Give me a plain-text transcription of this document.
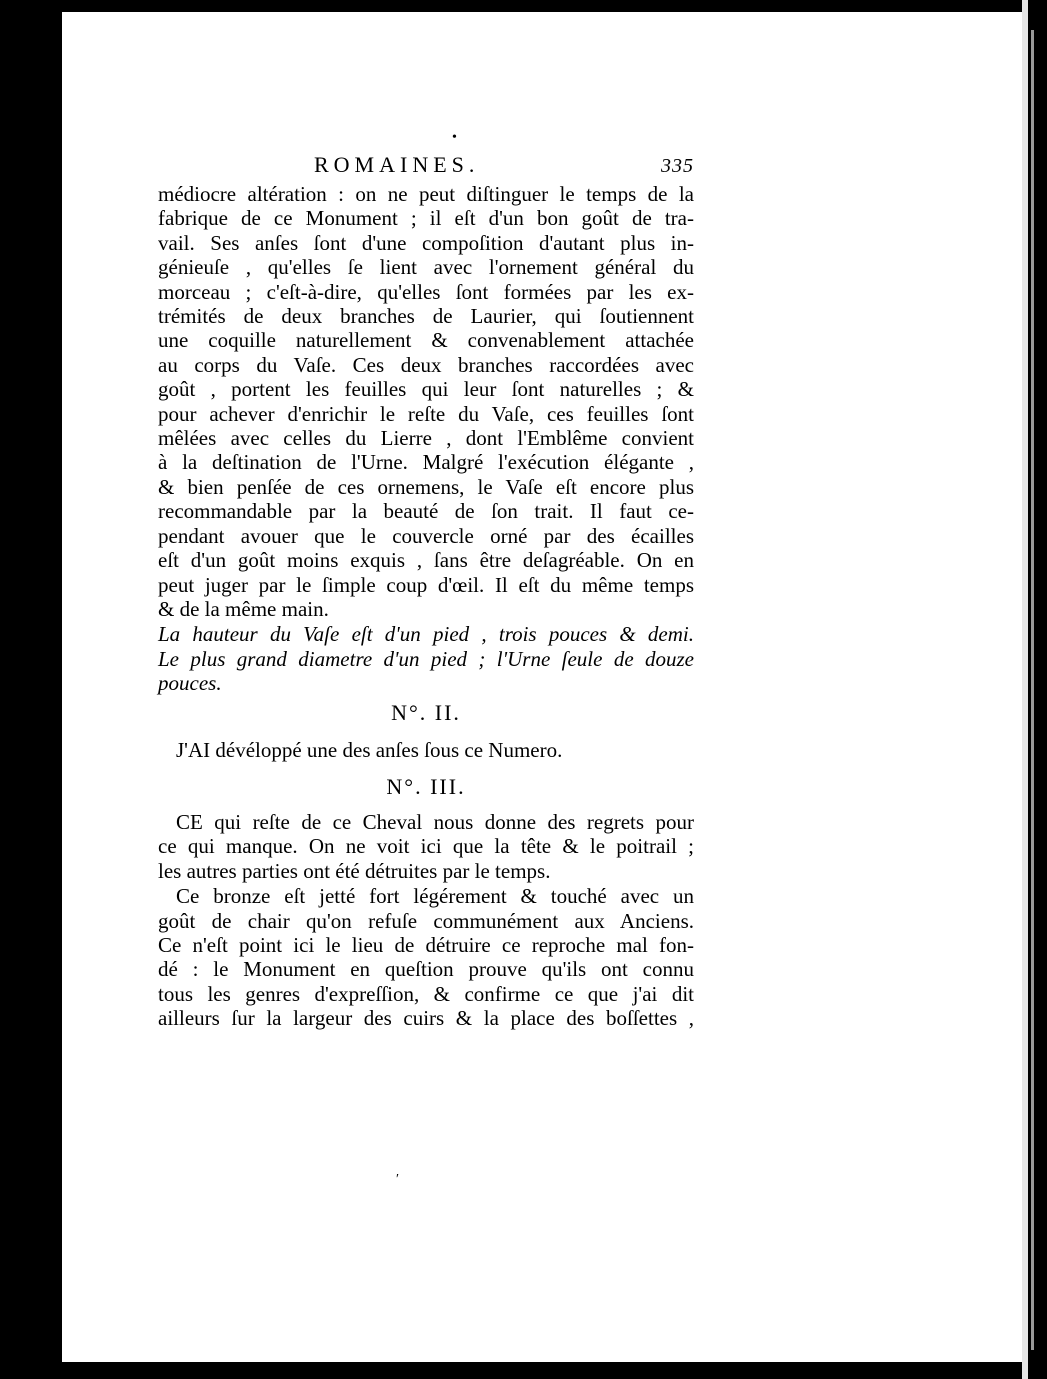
ROMAINES.	335
médiocre altération : on ne peut diſtinguer le temps de la
fabrique de ce Monument ; il eſt d'un bon goût de tra-
vail. Ses anſes ſont d'une compoſition d'autant plus in-
génieuſe , qu'elles ſe lient avec l'ornement général du
morceau ; c'eſt-à-dire, qu'elles ſont formées par les ex-
trémités de deux branches de Laurier, qui ſoutiennent
une coquille naturellement & convenablement attachée
au corps du Vaſe. Ces deux branches raccordées avec
goût , portent les feuilles qui leur ſont naturelles ; &
pour achever d'enrichir le reſte du Vaſe, ces feuilles ſont
mêlées avec celles du Lierre , dont l'Emblême convient
à la deſtination de l'Urne. Malgré l'exécution élégante ,
& bien penſée de ces ornemens, le Vaſe eſt encore plus
recommandable par la beauté de ſon trait. Il faut ce-
pendant avouer que le couvercle orné par des écailles
eſt d'un goût moins exquis , ſans être deſagréable. On en
peut juger par le ſimple coup d'œil. Il eſt du même temps
& de la même main.
La hauteur du Vaſe eſt d'un pied , trois pouces & demi.
Le plus grand diametre d'un pied ; l'Urne ſeule de douze
pouces.
N°. II.
J'AI dévéloppé une des anſes ſous ce Numero.
N°. III.
CE qui reſte de ce Cheval nous donne des regrets pour
ce qui manque. On ne voit ici que la tête & le poitrail ;
les autres parties ont été détruites par le temps.
Ce bronze eſt jetté fort légérement & touché avec un
goût de chair qu'on refuſe communément aux Anciens.
Ce n'eſt point ici le lieu de détruire ce reproche mal fon-
dé : le Monument en queſtion prouve qu'ils ont connu
tous les genres d'expreſſion, & confirme ce que j'ai dit
ailleurs ſur la largeur des cuirs & la place des boſſettes ,
•
′
